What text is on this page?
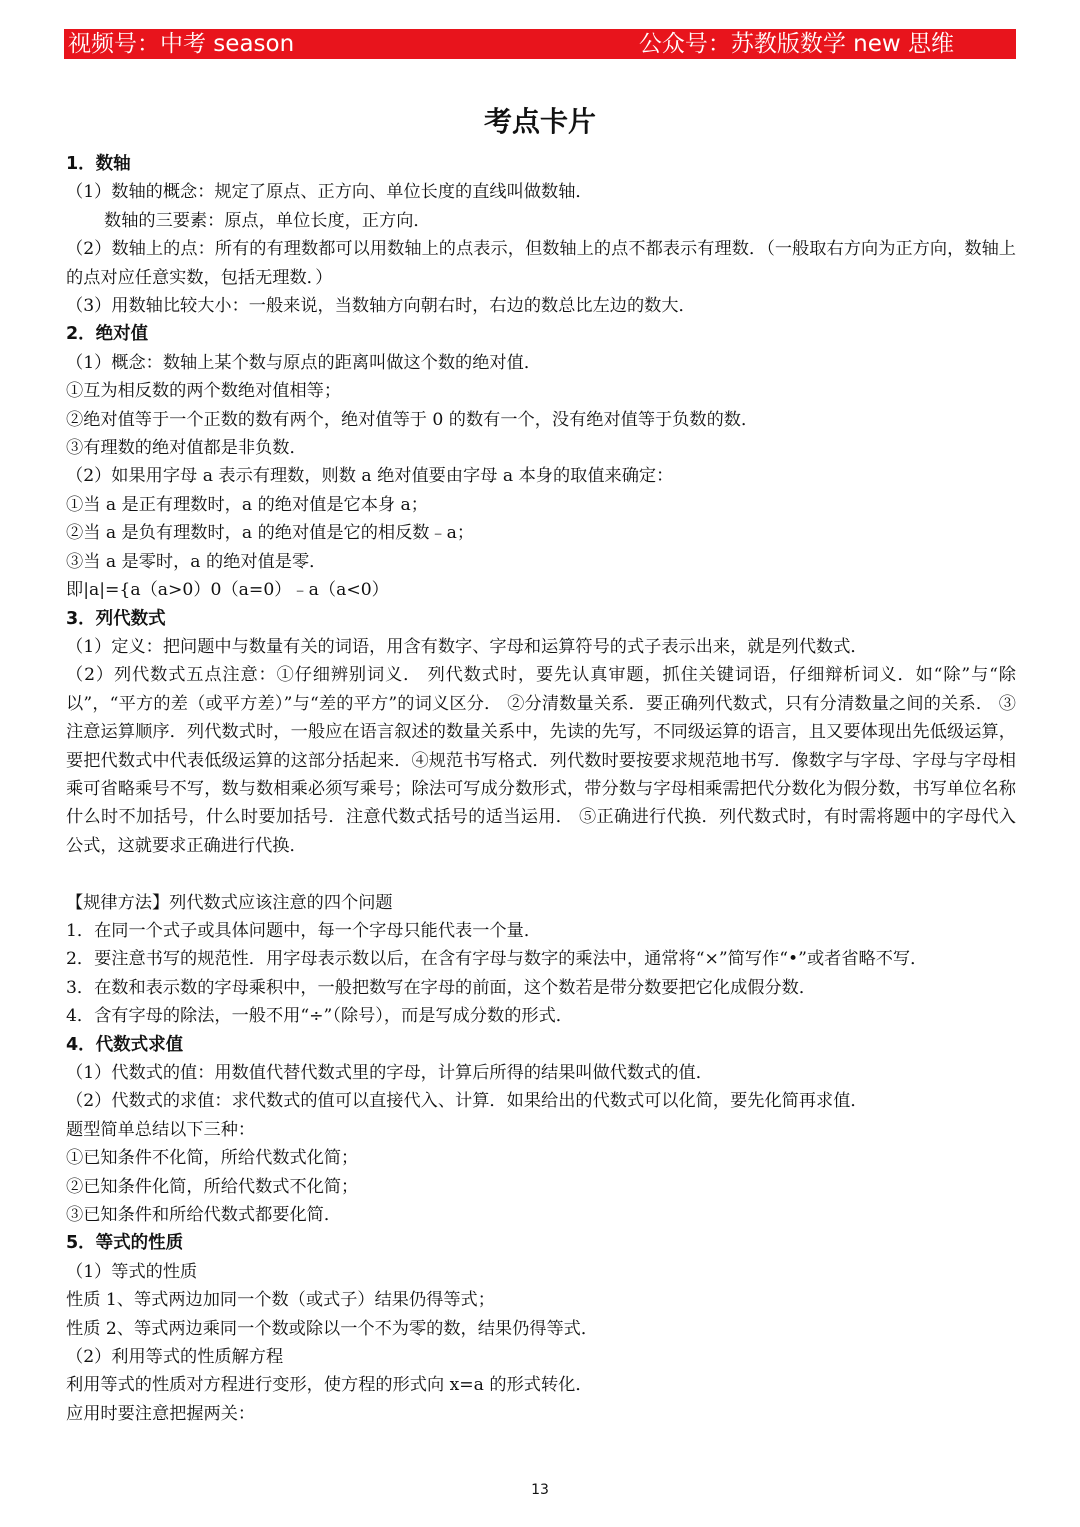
视频号：中考 season	公众号：苏教版数学 new 思维
考点卡片

1．数轴

（1）数轴的概念：规定了原点、正方向、单位长度的直线叫做数轴．

数轴的三要素：原点，单位长度，正方向．

（2）数轴上的点：所有的有理数都可以用数轴上的点表示，但数轴上的点不都表示有理数．（一般取右方向为正方向，数轴上的点对应任意实数，包括无理数．）

（3）用数轴比较大小：一般来说，当数轴方向朝右时，右边的数总比左边的数大．

2．绝对值

（1）概念：数轴上某个数与原点的距离叫做这个数的绝对值．

①互为相反数的两个数绝对值相等；

②绝对值等于一个正数的数有两个，绝对值等于 0 的数有一个，没有绝对值等于负数的数．

③有理数的绝对值都是非负数．

（2）如果用字母 a 表示有理数，则数 a 绝对值要由字母 a 本身的取值来确定：

①当 a 是正有理数时，a 的绝对值是它本身 a；

②当 a 是负有理数时，a 的绝对值是它的相反数﹣a；

③当 a 是零时，a 的绝对值是零．

即|a|={a（a>0）0（a=0）﹣a（a<0）

3．列代数式

（1）定义：把问题中与数量有关的词语，用含有数字、字母和运算符号的式子表示出来，就是列代数式．

（2）列代数式五点注意：①仔细辨别词义． 列代数式时，要先认真审题，抓住关键词语，仔细辩析词义．如“除”与“除以”，“平方的差（或平方差）”与“差的平方”的词义区分． ②分清数量关系．要正确列代数式，只有分清数量之间的关系． ③注意运算顺序．列代数式时，一般应在语言叙述的数量关系中，先读的先写，不同级运算的语言，且又要体现出先低级运算，要把代数式中代表低级运算的这部分括起来．④规范书写格式．列代数时要按要求规范地书写．像数字与字母、字母与字母相乘可省略乘号不写，数与数相乘必须写乘号；除法可写成分数形式，带分数与字母相乘需把代分数化为假分数，书写单位名称什么时不加括号，什么时要加括号．注意代数式括号的适当运用． ⑤正确进行代换．列代数式时，有时需将题中的字母代入公式，这就要求正确进行代换．

【规律方法】列代数式应该注意的四个问题

1．在同一个式子或具体问题中，每一个字母只能代表一个量．

2．要注意书写的规范性．用字母表示数以后，在含有字母与数字的乘法中，通常将“×”简写作“•”或者省略不写．

3．在数和表示数的字母乘积中，一般把数写在字母的前面，这个数若是带分数要把它化成假分数．

4．含有字母的除法，一般不用“÷”（除号），而是写成分数的形式．

4．代数式求值

（1）代数式的值：用数值代替代数式里的字母，计算后所得的结果叫做代数式的值．

（2）代数式的求值：求代数式的值可以直接代入、计算．如果给出的代数式可以化简，要先化简再求值．

题型简单总结以下三种：

①已知条件不化简，所给代数式化简；

②已知条件化简，所给代数式不化简；

③已知条件和所给代数式都要化简．

5．等式的性质

（1）等式的性质

性质 1、等式两边加同一个数（或式子）结果仍得等式；

性质 2、等式两边乘同一个数或除以一个不为零的数，结果仍得等式．

（2）利用等式的性质解方程

利用等式的性质对方程进行变形，使方程的形式向 x=a 的形式转化．

应用时要注意把握两关：

13
